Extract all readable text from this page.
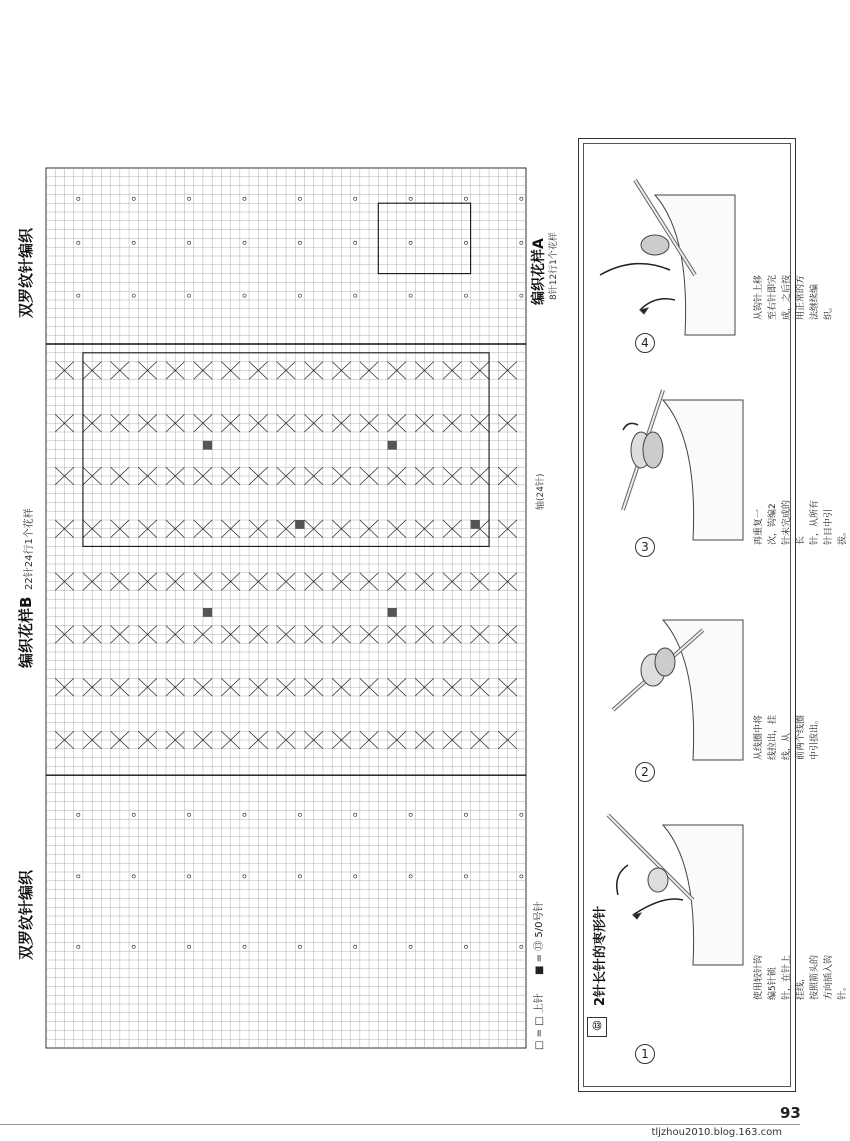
双罗纹针编织
编织花样B
双罗纹针编织
22针24行1个花样
编织花样A 8针12行1个花样
轴(24针)
□ = □ 上针
■ = ⑬ 5/0号针
⑬
2针长针的枣形针
1
使用较针钩编5针锁针，在针上挂线，
按照箭头的方向插入钩针。
2
从线圈中将线拉出，挂线，从
前两个线圈中引拔出。
3
再重复一次，钩编2针未完成的长
针，从所有针目中引拔。
4
从钩针上移至右针即完成，之后按
用正常的方法继续编织。
93
tljzhou2010.blog.163.com
